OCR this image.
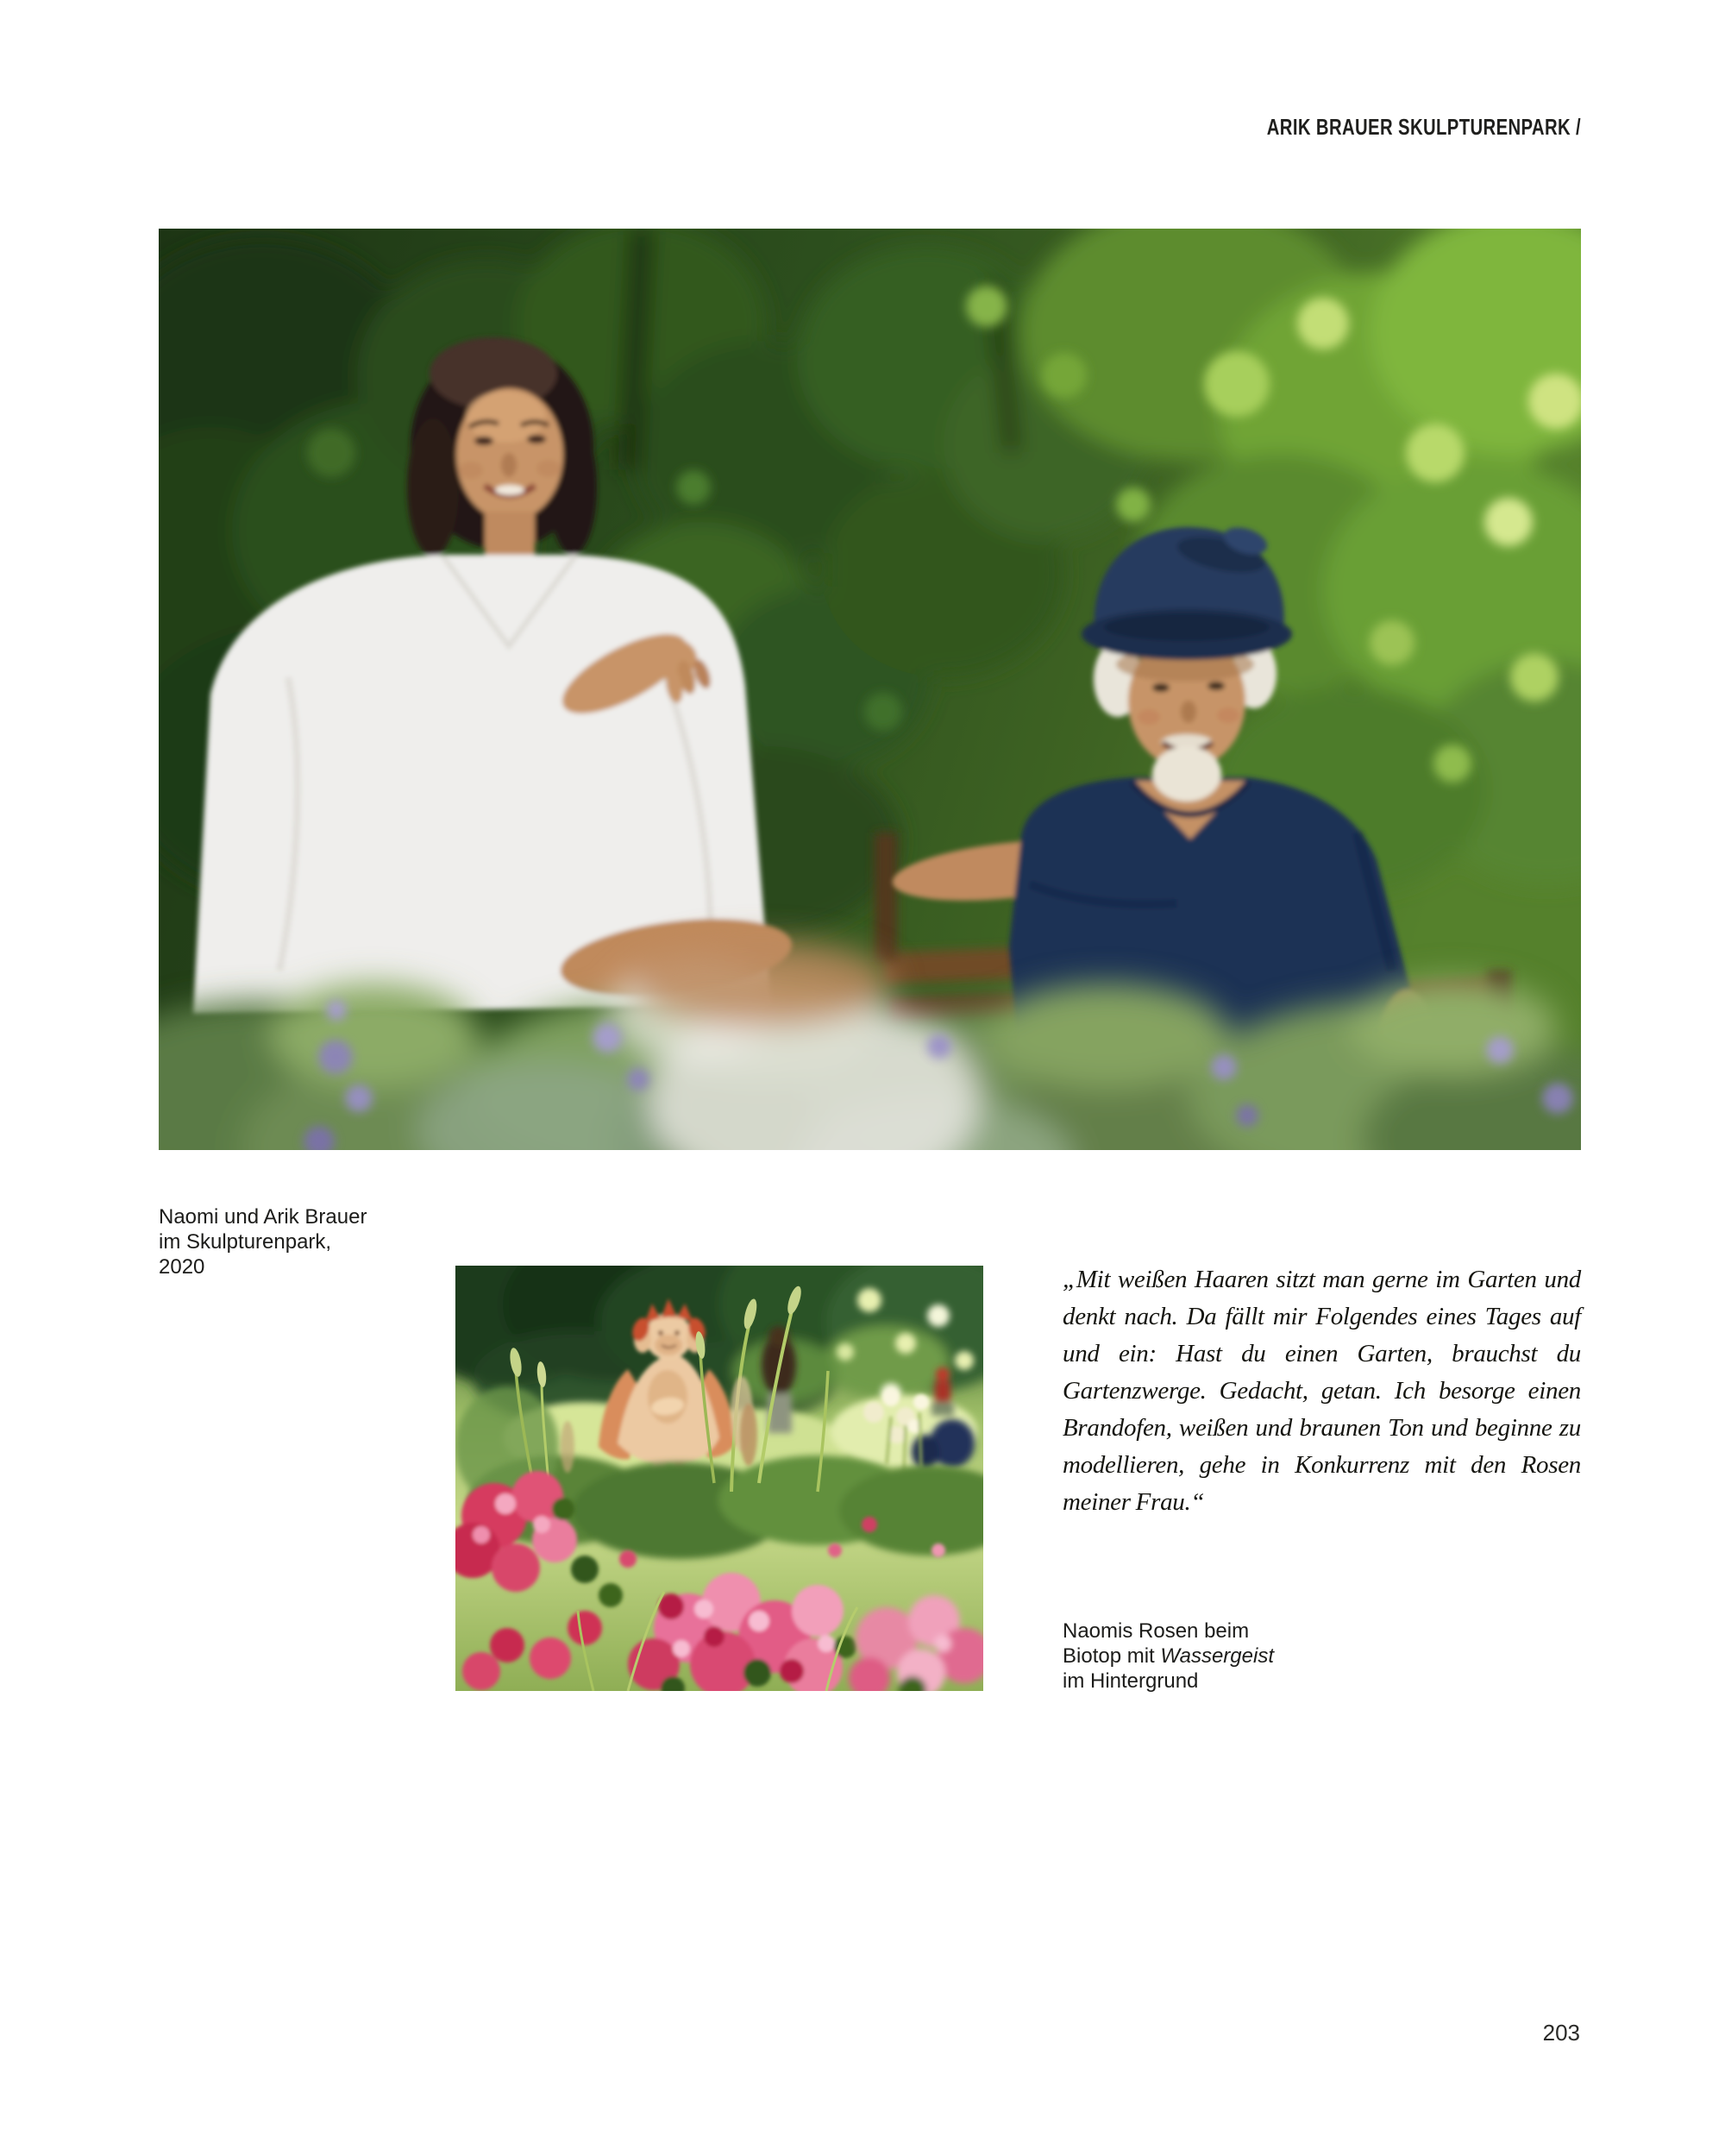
ARIK BRAUER SKULPTURENPARK /
Naomi und Arik Brauer
im Skulpturenpark,
2020	„Mit weißen Haaren sitzt man gerne im Garten und denkt nach. Da fällt mir Folgendes eines Tages auf und ein: Hast du einen Garten, brauchst du Gartenzwerge. Gedacht, getan. Ich besorge einen Brandofen, weißen und braunen Ton und beginne zu modellieren, gehe in Konkurrenz mit den Rosen meiner Frau.“
Naomis Rosen beim
Biotop mit Wassergeist
im Hintergrund
203
